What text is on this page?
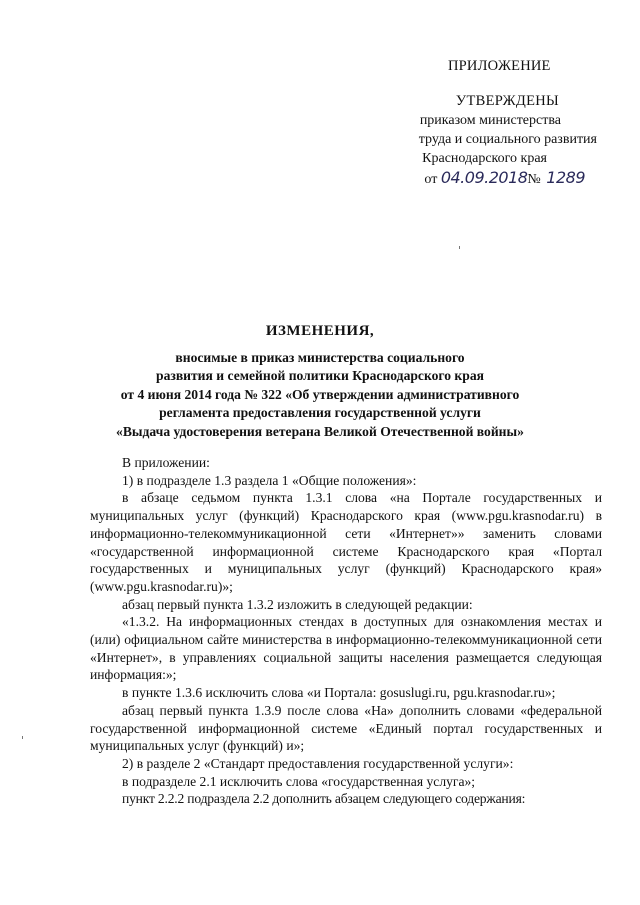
ПРИЛОЖЕНИЕ
УТВЕРЖДЕНЫ
приказом министерства
труда и социального развития
Краснодарского края
от 04.09.2018№ 1289
ИЗМЕНЕНИЯ,
вносимые в приказ министерства социального
развития и семейной политики Краснодарского края
от 4 июня 2014 года № 322 «Об утверждении административного
регламента предоставления государственной услуги
«Выдача удостоверения ветерана Великой Отечественной войны»

В приложении:

1) в подразделе 1.3 раздела 1 «Общие положения»:

в абзаце седьмом пункта 1.3.1 слова «на Портале государственных и муниципальных услуг (функций) Краснодарского края (www.pgu.krasnodar.ru) в информационно-телекоммуникационной сети «Интернет»» заменить словами «государственной информационной системе Краснодарского края «Портал государственных и муниципальных услуг (функций) Краснодарского края» (www.pgu.krasnodar.ru)»;

абзац первый пункта 1.3.2 изложить в следующей редакции:

«1.3.2. На информационных стендах в доступных для ознакомления местах и (или) официальном сайте министерства в информационно-телекоммуникационной сети «Интернет», в управлениях социальной защиты населения размещается следующая информация:»;

в пункте 1.3.6 исключить слова «и Портала: gosuslugi.ru, pgu.krasnodar.ru»;

абзац первый пункта 1.3.9 после слова «На» дополнить словами «федеральной государственной информационной системе «Единый портал государственных и муниципальных услуг (функций) и»;

2) в разделе 2 «Стандарт предоставления государственной услуги»:

в подразделе 2.1 исключить слова «государственная услуга»;

пункт 2.2.2 подраздела 2.2 дополнить абзацем следующего содержания:
